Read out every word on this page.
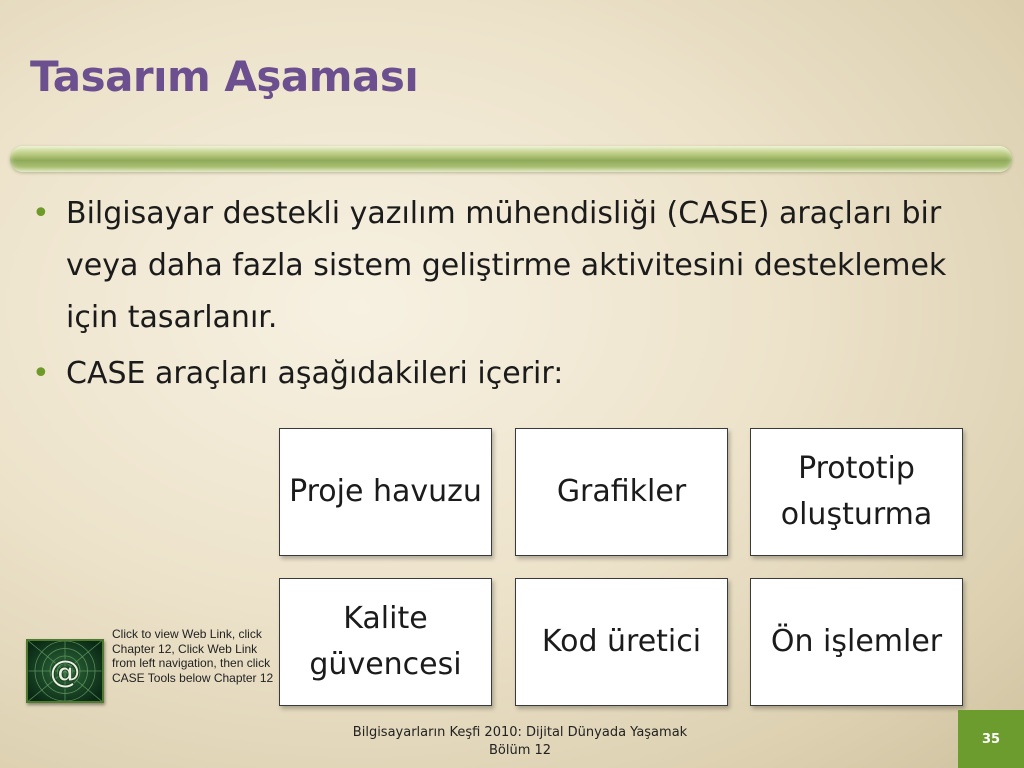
Tasarım Aşaması
• Bilgisayar destekli yazılım mühendisliği (CASE) araçları bir veya daha fazla sistem geliştirme aktivitesini desteklemek için tasarlanır.
• CASE araçları aşağıdakileri içerir:
Proje havuzu	Grafikler
Prototip oluşturma
Kalite güvencesi
Kod üretici	Ön işlemler
@
Click to view Web Link, click Chapter 12, Click Web Link from left navigation, then click CASE Tools below Chapter 12
Bilgisayarların Keşfi 2010: Dijital Dünyada Yaşamak
Bölüm 12
35
